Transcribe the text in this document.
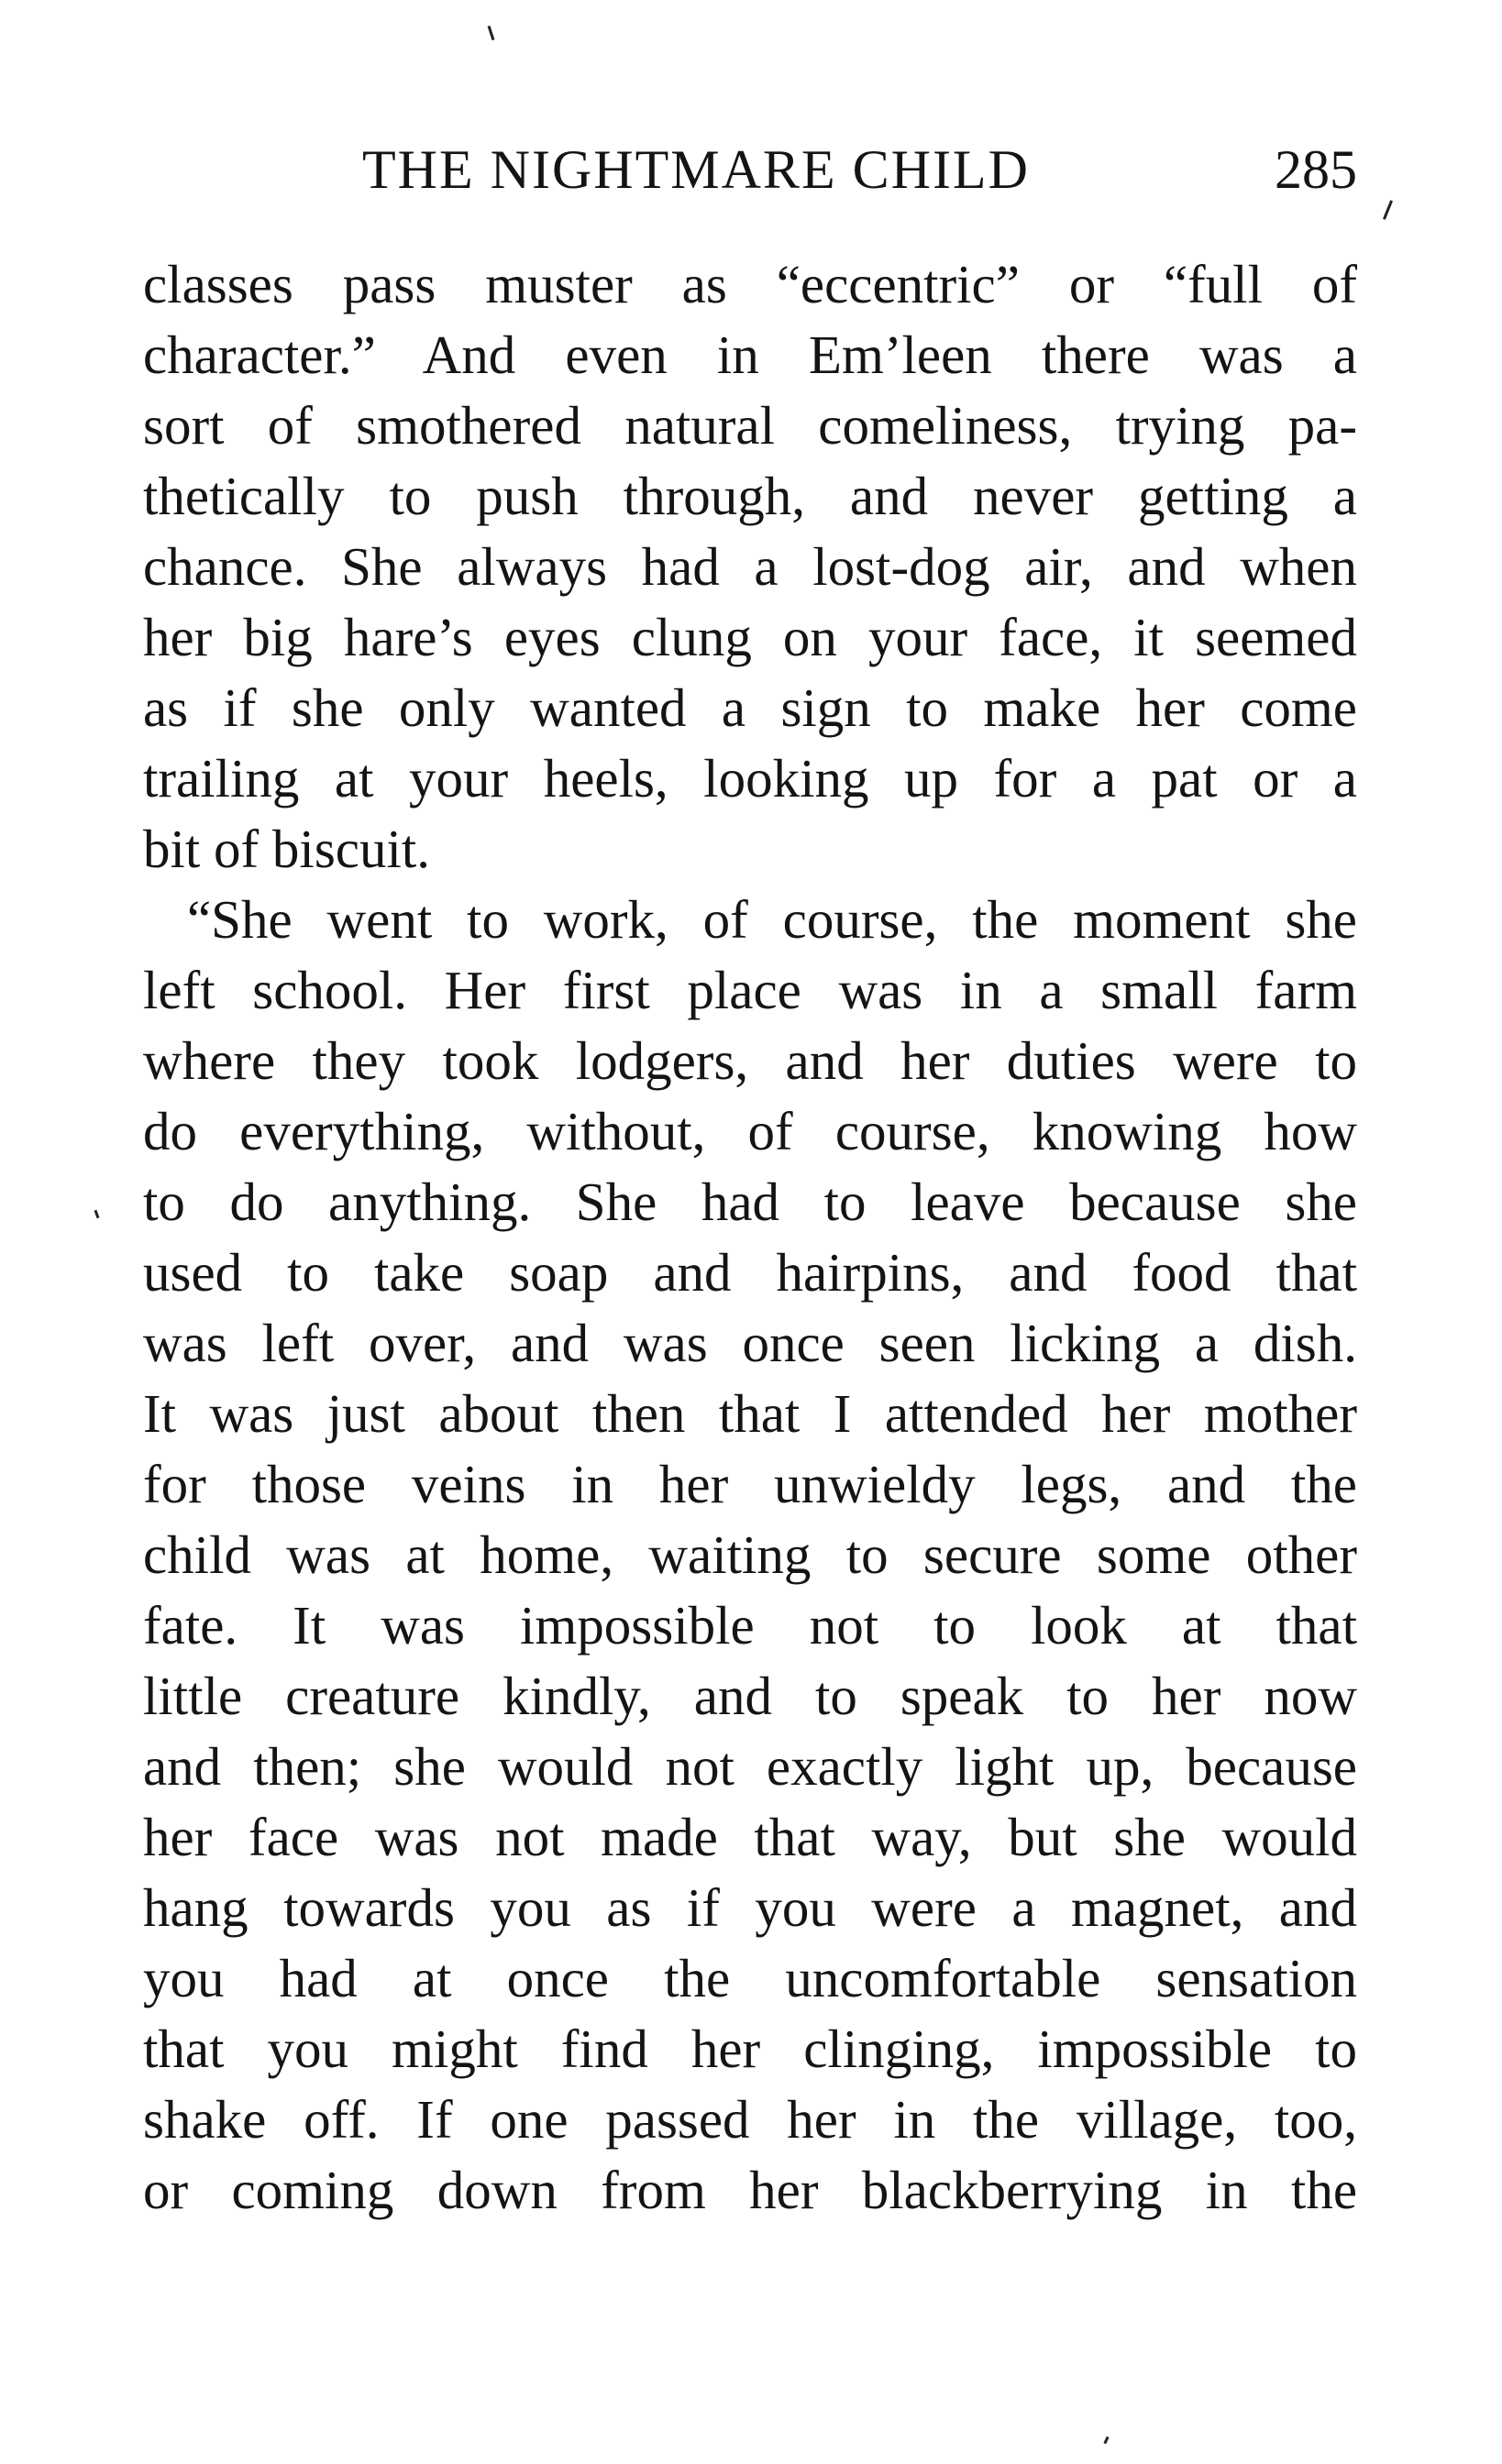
THE NIGHTMARE CHILD	285
classes pass muster as “eccentric” or “full of
character.” And even in Em’leen there was a
sort of smothered natural comeliness, trying pa-
thetically to push through, and never getting a
chance. She always had a lost-dog air, and when
her big hare’s eyes clung on your face, it seemed
as if she only wanted a sign to make her come
trailing at your heels, looking up for a pat or a
bit of biscuit.
“She went to work, of course, the moment she
left school. Her first place was in a small farm
where they took lodgers, and her duties were to
do everything, without, of course, knowing how
to do anything. She had to leave because she
used to take soap and hairpins, and food that
was left over, and was once seen licking a dish.
It was just about then that I attended her mother
for those veins in her unwieldy legs, and the
child was at home, waiting to secure some other
fate. It was impossible not to look at that
little creature kindly, and to speak to her now
and then; she would not exactly light up, because
her face was not made that way, but she would
hang towards you as if you were a magnet, and
you had at once the uncomfortable sensation
that you might find her clinging, impossible to
shake off. If one passed her in the village, too,
or coming down from her blackberrying in the
